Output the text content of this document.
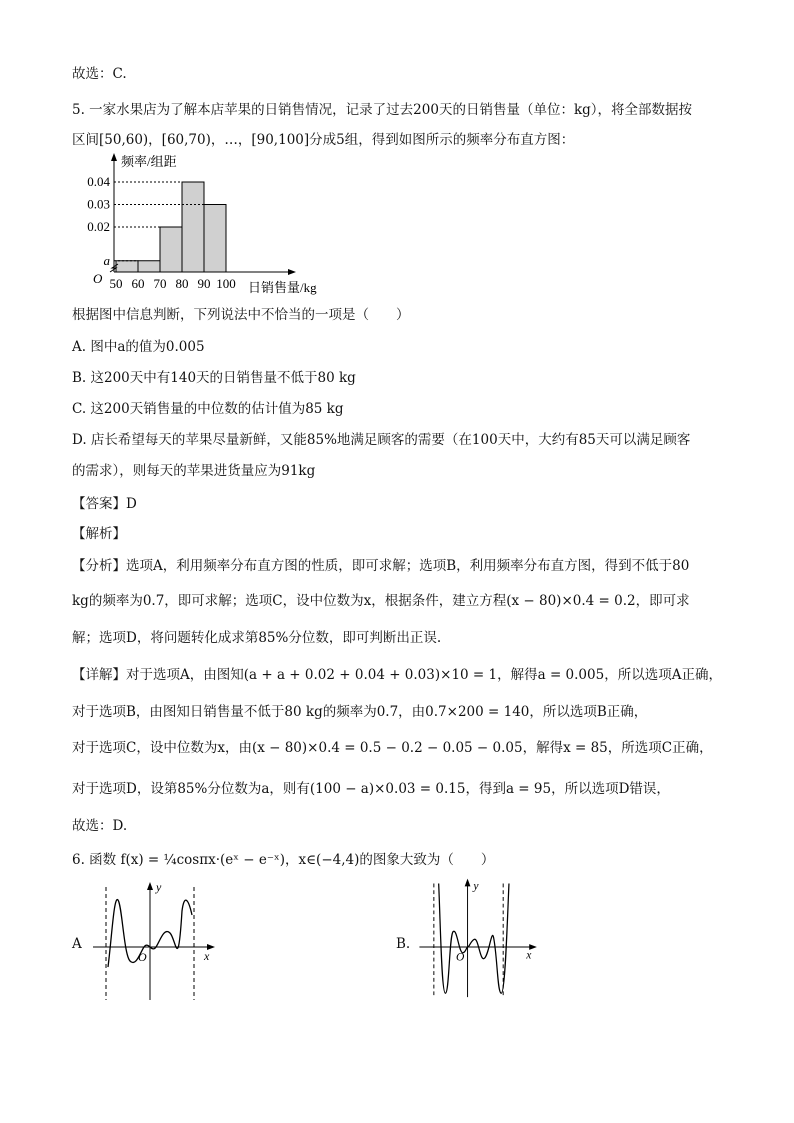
故选：C.
5. 一家水果店为了解本店苹果的日销售情况，记录了过去200天的日销售量（单位：kg），将全部数据按
区间[50,60)，[60,70)，…，[90,100]分成5组，得到如图所示的频率分布直方图：
频率/组距
日销售量/kg
O
a
0.02
0.03
0.04
50 60 70 80 90 100
根据图中信息判断，下列说法中不恰当的一项是（　　）
A. 图中a的值为0.005
B. 这200天中有140天的日销售量不低于80 kg
C. 这200天销售量的中位数的估计值为85 kg
D. 店长希望每天的苹果尽量新鲜，又能85%地满足顾客的需要（在100天中，大约有85天可以满足顾客
的需求），则每天的苹果进货量应为91kg
【答案】D
【解析】
【分析】选项A，利用频率分布直方图的性质，即可求解；选项B，利用频率分布直方图，得到不低于80
kg的频率为0.7，即可求解；选项C，设中位数为x，根据条件，建立方程(x − 80)×0.4 = 0.2，即可求
解；选项D，将问题转化成求第85%分位数，即可判断出正误.
【详解】对于选项A，由图知(a + a + 0.02 + 0.04 + 0.03)×10 = 1，解得a = 0.005，所以选项A正确，
对于选项B，由图知日销售量不低于80 kg的频率为0.7，由0.7×200 = 140，所以选项B正确，
对于选项C，设中位数为x，由(x − 80)×0.4 = 0.5 − 0.2 − 0.05 − 0.05，解得x = 85，所选项C正确，
对于选项D，设第85%分位数为a，则有(100 − a)×0.03 = 0.15，得到a = 95，所以选项D错误，
故选：D.
6. 函数 f(x) = ¼cosπx·(eˣ − e⁻ˣ)，x∈(−4,4)的图象大致为（　　）
A
y
x
O
B.
y
x
O
